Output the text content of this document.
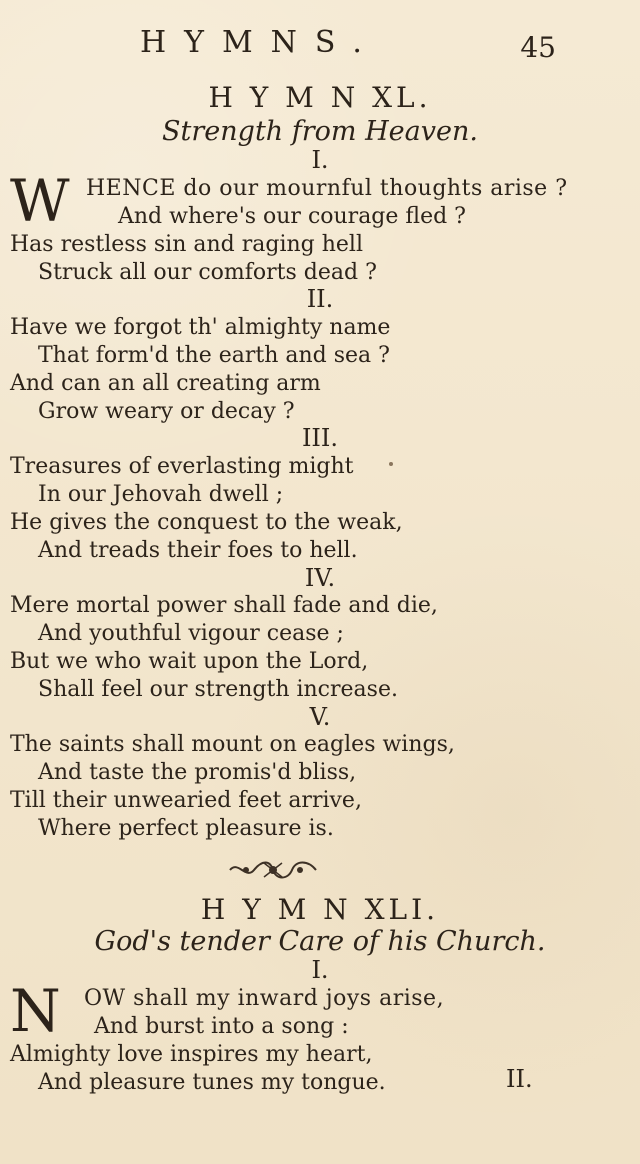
HYMNS.	45
H Y M N XL.
Strength from Heaven.
I.
W HENCE do our mournful thoughts arise ?
And where's our courage fled ?
Has restless sin and raging hell
Struck all our comforts dead ?
II.
Have we forgot th' almighty name
That form'd the earth and sea ?
And can an all creating arm
Grow weary or decay ?
III.
Treasures of everlasting might
In our Jehovah dwell ;
He gives the conquest to the weak,
And treads their foes to hell.
IV.
Mere mortal power shall fade and die,
And youthful vigour cease ;
But we who wait upon the Lord,
Shall feel our strength increase.
V.
The saints shall mount on eagles wings,
And taste the promis'd bliss,
Till their unwearied feet arrive,
Where perfect pleasure is.
H Y M N XLI.
God's tender Care of his Church.
I.
N OW shall my inward joys arise,
And burst into a song :
Almighty love inspires my heart,
And pleasure tunes my tongue.	II.
